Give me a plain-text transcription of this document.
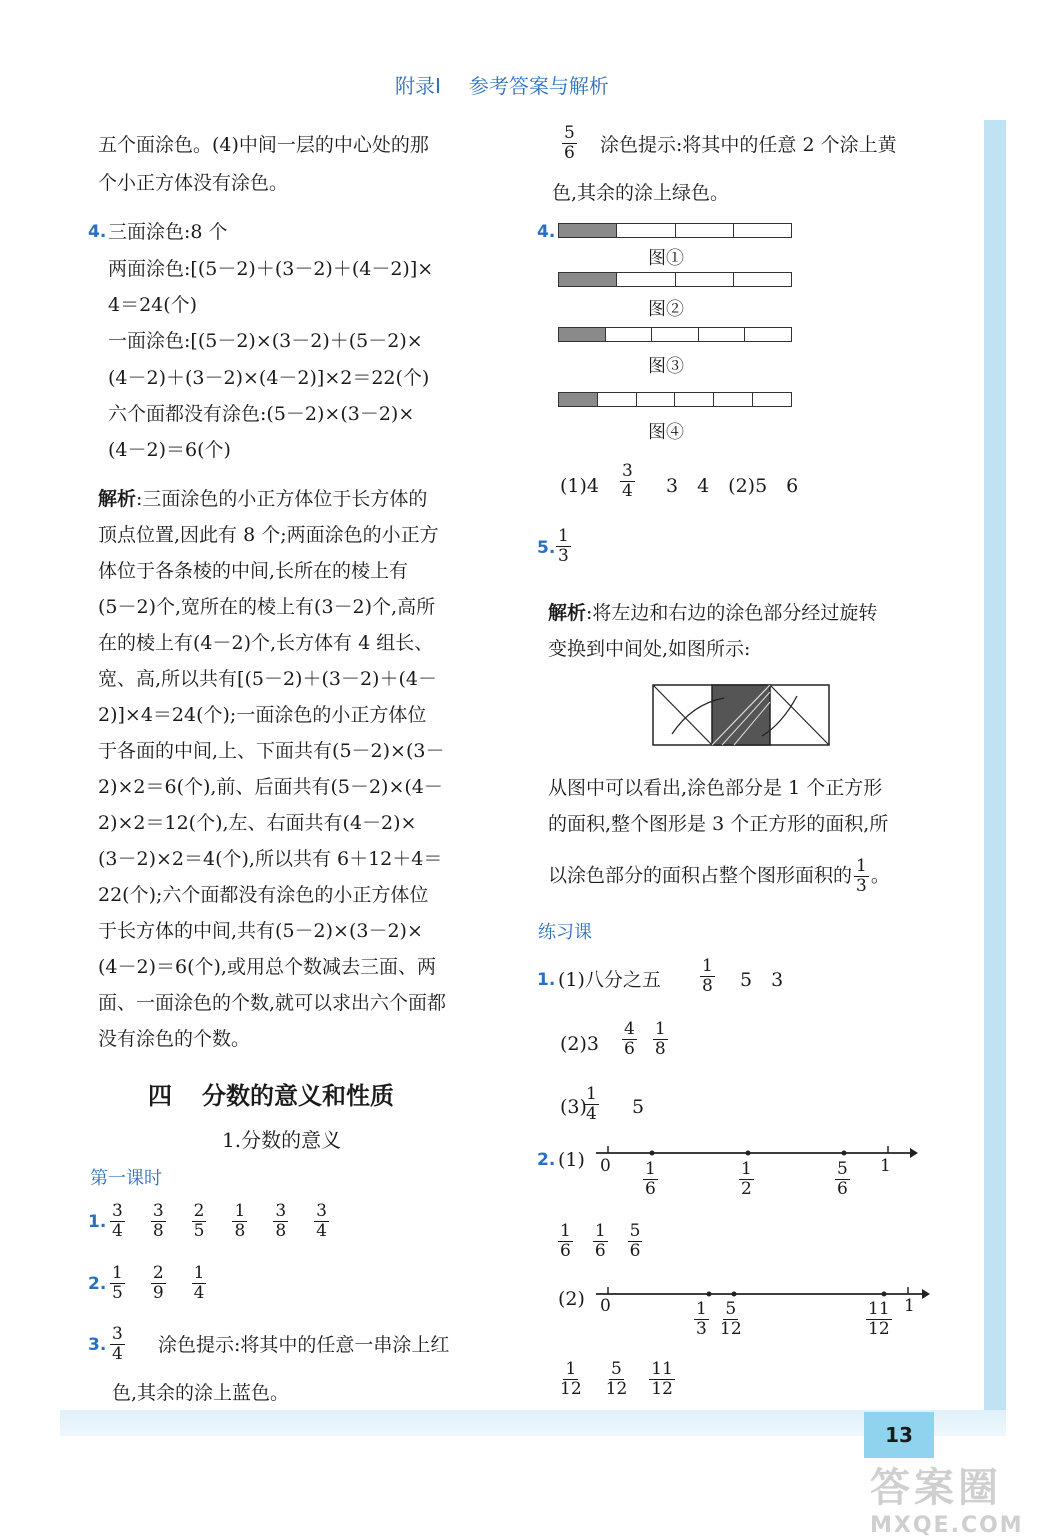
13
答案圈
MXQE.COM
附录Ⅰ 参考答案与解析
五个面涂色。(4)中间一层的中心处的那
个小正方体没有涂色。
4. 三面涂色:8 个
两面涂色:[(5－2)＋(3－2)＋(4－2)]×
4＝24(个)
一面涂色:[(5－2)×(3－2)＋(5－2)×
(4－2)＋(3－2)×(4－2)]×2＝22(个)
六个面都没有涂色:(5－2)×(3－2)×
(4－2)＝6(个)
解析:三面涂色的小正方体位于长方体的
顶点位置,因此有 8 个;两面涂色的小正方
体位于各条棱的中间,长所在的棱上有
(5－2)个,宽所在的棱上有(3－2)个,高所
在的棱上有(4－2)个,长方体有 4 组长、
宽、高,所以共有[(5－2)＋(3－2)＋(4－
2)]×4＝24(个);一面涂色的小正方体位
于各面的中间,上、下面共有(5－2)×(3－
2)×2＝6(个),前、后面共有(5－2)×(4－
2)×2＝12(个),左、右面共有(4－2)×
(3－2)×2＝4(个),所以共有 6＋12＋4＝
22(个);六个面都没有涂色的小正方体位
于长方体的中间,共有(5－2)×(3－2)×
(4－2)＝6(个),或用总个数减去三面、两
面、一面涂色的个数,就可以求出六个面都
没有涂色的个数。
四 分数的意义和性质
1.分数的意义
第一课时
1. $\frac{3}{4} \frac{3}{8} \frac{2}{5} \frac{1}{8} \frac{3}{8} \frac{3}{4}$
2. $\frac{1}{5} \frac{2}{9} \frac{1}{4}$
3. $\frac{3}{4}$ 涂色提示:将其中的任意一串涂上红
色,其余的涂上蓝色。
$\frac{5}{6}$ 涂色提示:将其中的任意 2 个涂上黄
色,其余的涂上绿色。
4.
图①
图②
图③
图④
$(1)4 \frac{3}{4} 3$　4　(2)5　6
5. $\frac{1}{3}$
解析:将左边和右边的涂色部分经过旋转
变换到中间处,如图所示:
从图中可以看出,涂色部分是 1 个正方形
的面积,整个图形是 3 个正方形的面积,所
以涂色部分的面积占整个图形面积的 $\frac{1}{3}$ 。
练习课
1. (1)八分之五 $\frac{1}{8} 5$　3
$(2)3 \frac{4}{6} \frac{1}{8}$
(3)
$\frac{1}{4} 5$
2. (1) 0	1
$\frac{1}{6}$	$\frac{1}{2}$	$\frac{5}{6}$
$\frac{1}{6} \frac{1}{6} \frac{5}{6}$
(2) 0	1
$\frac{1}{3} \frac{5}{12}$	$\frac{11}{12}$
$\frac{1}{12} \frac{5}{12} \frac{11}{12}$
